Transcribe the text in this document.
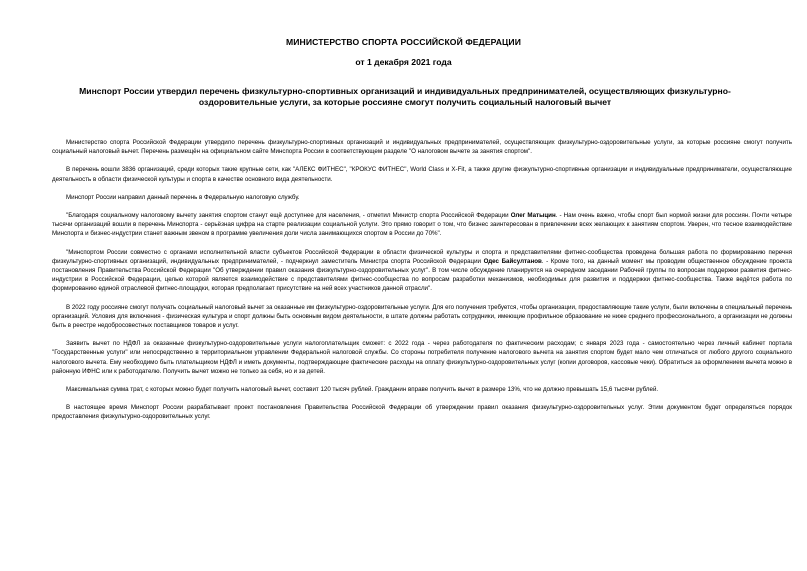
МИНИСТЕРСТВО СПОРТА РОССИЙСКОЙ ФЕДЕРАЦИИ
от 1 декабря 2021 года
Минспорт России утвердил перечень физкультурно-спортивных организаций и индивидуальных предпринимателей, осуществляющих физкультурно-оздоровительные услуги, за которые россияне смогут получить социальный налоговый вычет

Министерство спорта Российской Федерации утвердило перечень физкультурно-спортивных организаций и индивидуальных предпринимателей, осуществляющих физкультурно-оздоровительные услуги, за которые россияне смогут получить социальный налоговый вычет. Перечень размещён на официальном сайте Минспорта России в соответствующем разделе "О налоговом вычете за занятия спортом".

В перечень вошли 3836 организаций, среди которых такие крупные сети, как "АЛЕКС ФИТНЕС", "КРОКУС ФИТНЕС", World Class и X-Fit, а также другие физкультурно-спортивные организации и индивидуальные предприниматели, осуществляющие деятельность в области физической культуры и спорта в качестве основного вида деятельности.

Минспорт России направил данный перечень в Федеральную налоговую службу.

"Благодаря социальному налоговому вычету занятия спортом станут ещё доступнее для населения, - отметил Министр спорта Российской Федерации Олег Матыцин. - Нам очень важно, чтобы спорт был нормой жизни для россиян. Почти четыре тысячи организаций вошли в перечень Минспорта - серьёзная цифра на старте реализации социальной услуги. Это прямо говорит о том, что бизнес заинтересован в привлечении всех желающих к занятиям спортом. Уверен, что тесное взаимодействие Минспорта и бизнес-индустрии станет важным звеном в программе увеличения доли числа занимающихся спортом в России до 70%".

"Минспортом России совместно с органами исполнительной власти субъектов Российской Федерации в области физической культуры и спорта и представителями фитнес-сообщества проведена большая работа по формированию перечня физкультурно-спортивных организаций, индивидуальных предпринимателей, - подчеркнул заместитель Министра спорта Российской Федерации Одес Байсултанов. - Кроме того, на данный момент мы проводим общественное обсуждение проекта постановления Правительства Российской Федерации "Об утверждении правил оказания физкультурно-оздоровительных услуг". В том числе обсуждение планируется на очередном заседании Рабочей группы по вопросам поддержки развития фитнес-индустрии в Российской Федерации, целью которой является взаимодействие с представителями фитнес-сообщества по вопросам разработки механизмов, необходимых для развития и поддержки фитнес-сообщества. Также ведётся работа по формированию единой отраслевой фитнес-площадки, которая предполагает присутствие на ней всех участников данной отрасли".

В 2022 году россияне смогут получать социальный налоговый вычет за оказанные им физкультурно-оздоровительные услуги. Для его получения требуется, чтобы организации, предоставляющие такие услуги, были включены в специальный перечень организаций. Условия для включения - физическая культура и спорт должны быть основным видом деятельности, в штате должны работать сотрудники, имеющие профильное образование не ниже среднего профессионального, а организации не должны быть в реестре недобросовестных поставщиков товаров и услуг.

Заявить вычет по НДФЛ за оказанные физкультурно-оздоровительные услуги налогоплательщик сможет: с 2022 года - через работодателя по фактическим расходам; с января 2023 года - самостоятельно через личный кабинет портала "Государственные услуги" или непосредственно в территориальном управлении Федеральной налоговой службы. Со стороны потребителя получение налогового вычета на занятия спортом будет мало чем отличаться от любого другого социального налогового вычета. Ему необходимо быть плательщиком НДФЛ и иметь документы, подтверждающие фактические расходы на оплату физкультурно-оздоровительных услуг (копии договоров, кассовые чеки). Обратиться за оформлением вычета можно в районную ИФНС или к работодателю. Получить вычет можно не только за себя, но и за детей.

Максимальная сумма трат, с которых можно будет получить налоговый вычет, составит 120 тысяч рублей. Гражданин вправе получить вычет в размере 13%, что не должно превышать 15,6 тысячи рублей.

В настоящее время Минспорт России разрабатывает проект постановления Правительства Российской Федерации об утверждении правил оказания физкультурно-оздоровительных услуг. Этим документом будет определяться порядок предоставления физкультурно-оздоровительных услуг.
